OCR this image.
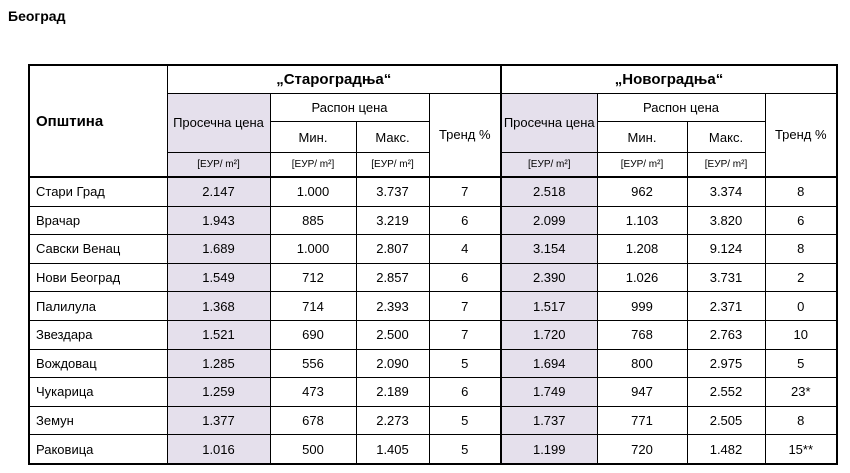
Београд
Општина	„Староградња“				„Новоградња“			
	Просечна цена	Распон цена		Тренд %	Просечна цена	Распон цена		Тренд %
		Мин.	Макс.			Мин.	Макс.	
	[ЕУР/ m²]	[ЕУР/ m²]	[ЕУР/ m²]		[ЕУР/ m²]	[ЕУР/ m²]	[ЕУР/ m²]	
Стари Град	2.147	1.000	3.737	7	2.518	962	3.374	8
Врачар	1.943	885	3.219	6	2.099	1.103	3.820	6
Савски Венац	1.689	1.000	2.807	4	3.154	1.208	9.124	8
Нови Београд	1.549	712	2.857	6	2.390	1.026	3.731	2
Палилула	1.368	714	2.393	7	1.517	999	2.371	0
Звездара	1.521	690	2.500	7	1.720	768	2.763	10
Вождовац	1.285	556	2.090	5	1.694	800	2.975	5
Чукарица	1.259	473	2.189	6	1.749	947	2.552	23*
Земун	1.377	678	2.273	5	1.737	771	2.505	8
Раковица	1.016	500	1.405	5	1.199	720	1.482	15**
